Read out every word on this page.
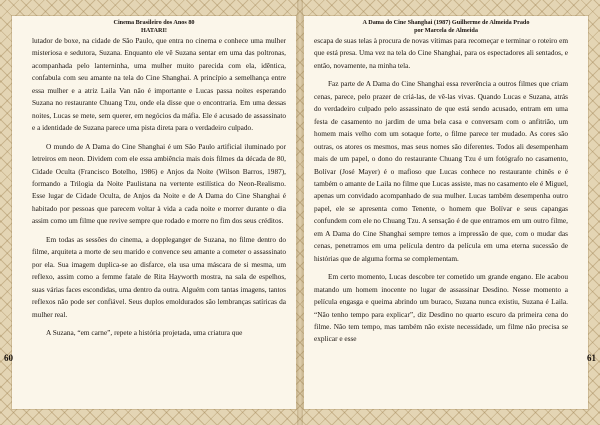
Cinema Brasileiro dos Anos 80
HATARI!

lutador de boxe, na cidade de São Paulo, que entra no cinema e conhece uma mulher misteriosa e sedutora, Suzana. Enquanto ele vê Suzana sentar em uma das poltronas, acompanhada pelo lanterninha, uma mulher muito parecida com ela, idêntica, confabula com seu amante na tela do Cine Shanghai. A princípio a semelhança entre essa mulher e a atriz Laila Van não é importante e Lucas passa noites esperando Suzana no restaurante Chuang Tzu, onde ela disse que o encontraria. Em uma dessas noites, Lucas se mete, sem querer, em negócios da máfia. Ele é acusado de assassinato e a identidade de Suzana parece uma pista direta para o verdadeiro culpado.

O mundo de A Dama do Cine Shanghai é um São Paulo artificial iluminado por letreiros em neon. Dividem com ele essa ambiência mais dois filmes da década de 80, Cidade Oculta (Francisco Botelho, 1986) e Anjos da Noite (Wilson Barros, 1987), formando a Trilogia da Noite Paulistana na vertente estilística do Neon-Realismo. Esse lugar de Cidade Oculta, de Anjos da Noite e de A Dama do Cine Shanghai é habitado por pessoas que parecem voltar à vida a cada noite e morrer durante o dia assim como um filme que revive sempre que rodado e morre no fim dos seus créditos.

Em todas as sessões do cinema, a doppleganger de Suzana, no filme dentro do filme, arquiteta a morte de seu marido e convence seu amante a cometer o assassinato por ela. Sua imagem duplica-se ao disfarce, ela usa uma máscara de si mesma, um reflexo, assim como a femme fatale de Rita Hayworth mostra, na sala de espelhos, suas várias faces escondidas, uma dentro da outra. Alguém com tantas imagens, tantos reflexos não pode ser confiável. Seus duplos emoldurados são lembranças satíricas da mulher real.

A Suzana, “em carne”, repete a história projetada, uma criatura que

60
A Dama do Cine Shanghai (1987) Guilherme de Almeida Prado
por Marcela de Almeida

escapa de suas telas à procura de novas vítimas para recomeçar e terminar o roteiro em que está presa. Uma vez na tela do Cine Shanghai, para os espectadores ali sentados, e então, novamente, na minha tela.

Faz parte de A Dama do Cine Shanghai essa reverência a outros filmes que criam cenas, parece, pelo prazer de criá-las, de vê-las vivas. Quando Lucas e Suzana, atrás do verdadeiro culpado pelo assassinato de que está sendo acusado, entram em uma festa de casamento no jardim de uma bela casa e conversam com o anfitrião, um homem mais velho com um sotaque forte, o filme parece ter mudado. As cores são outras, os atores os mesmos, mas seus nomes são diferentes. Todos ali desempenham mais de um papel, o dono do restaurante Chuang Tzu é um fotógrafo no casamento, Bolívar (José Mayer) é o mafioso que Lucas conhece no restaurante chinês e é também o amante de Laila no filme que Lucas assiste, mas no casamento ele é Miguel, apenas um convidado acompanhado de sua mulher. Lucas também desempenha outro papel, ele se apresenta como Tenente, o homem que Bolívar e seus capangas confundem com ele no Chuang Tzu. A sensação é de que entramos em um outro filme, em A Dama do Cine Shanghai sempre temos a impressão de que, com o mudar das cenas, penetramos em uma película dentro da película em uma eterna sucessão de histórias que de alguma forma se complementam.

Em certo momento, Lucas descobre ter cometido um grande engano. Ele acabou matando um homem inocente no lugar de assassinar Desdino. Nesse momento a película engasga e queima abrindo um buraco, Suzana nunca existiu, Suzana é Laila. “Não tenho tempo para explicar”, diz Desdino no quarto escuro da primeira cena do filme. Não tem tempo, mas também não existe necessidade, um filme não precisa se explicar e esse

61
